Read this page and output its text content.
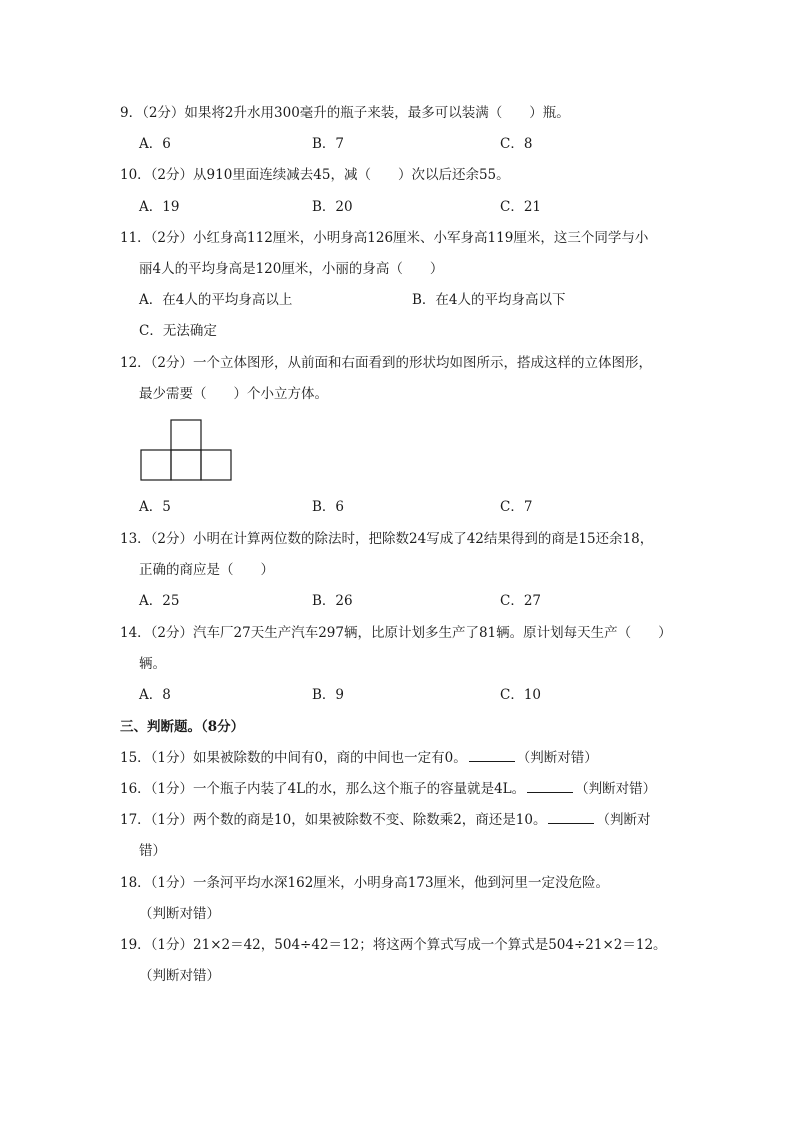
9．（2分）如果将2升水用300毫升的瓶子来装，最多可以装满（　　）瓶。
A．6	B．7	C．8
10．（2分）从910里面连续减去45，减（　　）次以后还余55。
A．19	B．20	C．21
11．（2分）小红身高112厘米，小明身高126厘米、小军身高119厘米，这三个同学与小
丽4人的平均身高是120厘米，小丽的身高（　　）
A．在4人的平均身高以上	B．在4人的平均身高以下
C．无法确定
12．（2分）一个立体图形，从前面和右面看到的形状均如图所示，搭成这样的立体图形，
最少需要（　　）个小立方体。
A．5	B．6	C．7
13．（2分）小明在计算两位数的除法时，把除数24写成了42结果得到的商是15还余18，
正确的商应是（　　）
A．25	B．26	C．27
14．（2分）汽车厂27天生产汽车297辆，比原计划多生产了81辆。原计划每天生产（　　）
辆。
A．8	B．9	C．10
三、判断题。（8分）
15．（1分）如果被除数的中间有0，商的中间也一定有0。	（判断对错）
16．（1分）一个瓶子内装了4L的水，那么这个瓶子的容量就是4L。	（判断对错）
17．（1分）两个数的商是10，如果被除数不变、除数乘2，商还是10。	（判断对
错）
18．（1分）一条河平均水深162厘米，小明身高173厘米，他到河里一定没危险。
（判断对错）
19．（1分）21×2＝42，504÷42＝12；将这两个算式写成一个算式是504÷21×2＝12。
（判断对错）
